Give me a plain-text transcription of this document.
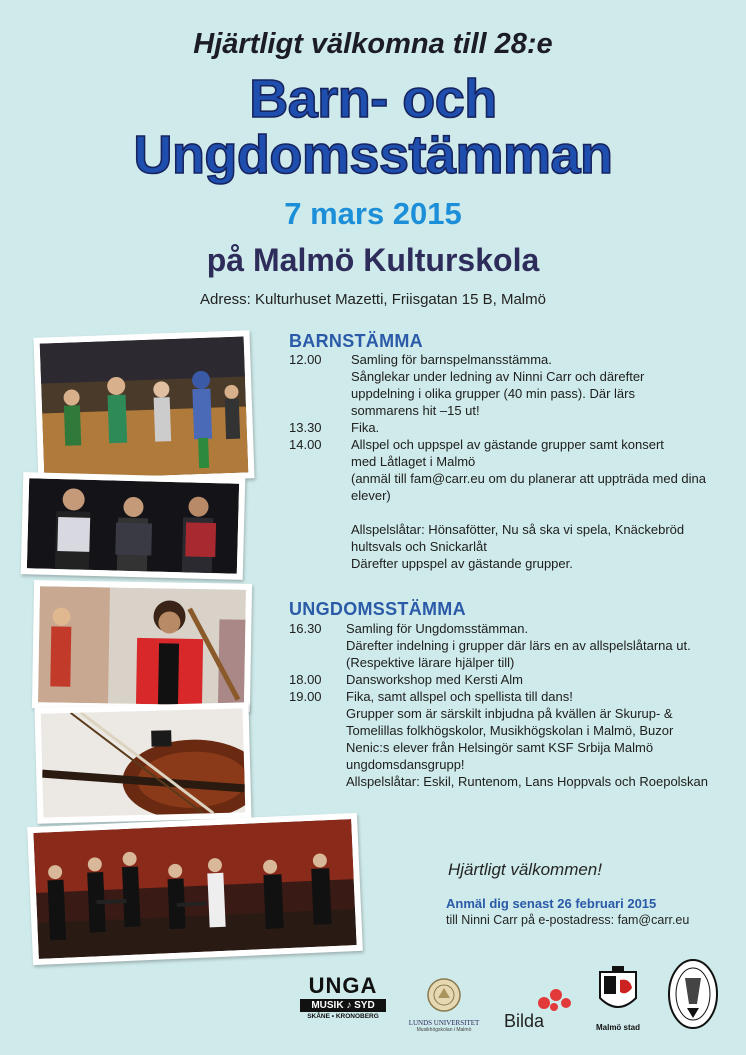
Hjärtligt välkomna till 28:e
Barn- och
Ungdomsstämman
7 mars 2015
på Malmö Kulturskola
Adress: Kulturhuset Mazetti, Friisgatan 15 B, Malmö
BARNSTÄMMA
12.00	Samling för barnspelmansstämma.
Sånglekar under ledning av Ninni Carr och därefter
uppdelning i olika grupper (40 min pass). Där lärs
sommarens hit –15 ut!
13.30	Fika.
14.00	Allspel och uppspel av gästande grupper samt konsert
med Låtlaget i Malmö
(anmäl till fam@carr.eu om du planerar att uppträda med dina
elever)
Allspelslåtar: Hönsafötter, Nu så ska vi spela, Knäckebröd
hultsvals och Snickarlåt
Därefter uppspel av gästande grupper.
UNGDOMSSTÄMMA
16.30	Samling för Ungdomsstämman.
Därefter indelning i grupper där lärs en av allspelslåtarna ut.
(Respektive lärare hjälper till)
18.00	Dansworkshop med Kersti Alm
19.00	Fika, samt allspel och spellista till dans!
Grupper som är särskilt inbjudna på kvällen är Skurup- &
Tomelillas folkhögskolor, Musikhögskolan i Malmö, Buzor
Nenic:s elever från Helsingör samt KSF Srbija Malmö
ungdomsdansgrupp!
Allspelslåtar: Eskil, Runtenom, Lans Hoppvals och Roepolskan
Hjärtligt välkommen!
Anmäl dig senast 26 februari 2015
till Ninni Carr på e-postadress: fam@carr.eu
UNGA
MUSIK ♪ SYD
SKÅNE • KRONOBERG
LUNDS UNIVERSITET
Musikhögskolan i Malmö	Bilda	Malmö stad
